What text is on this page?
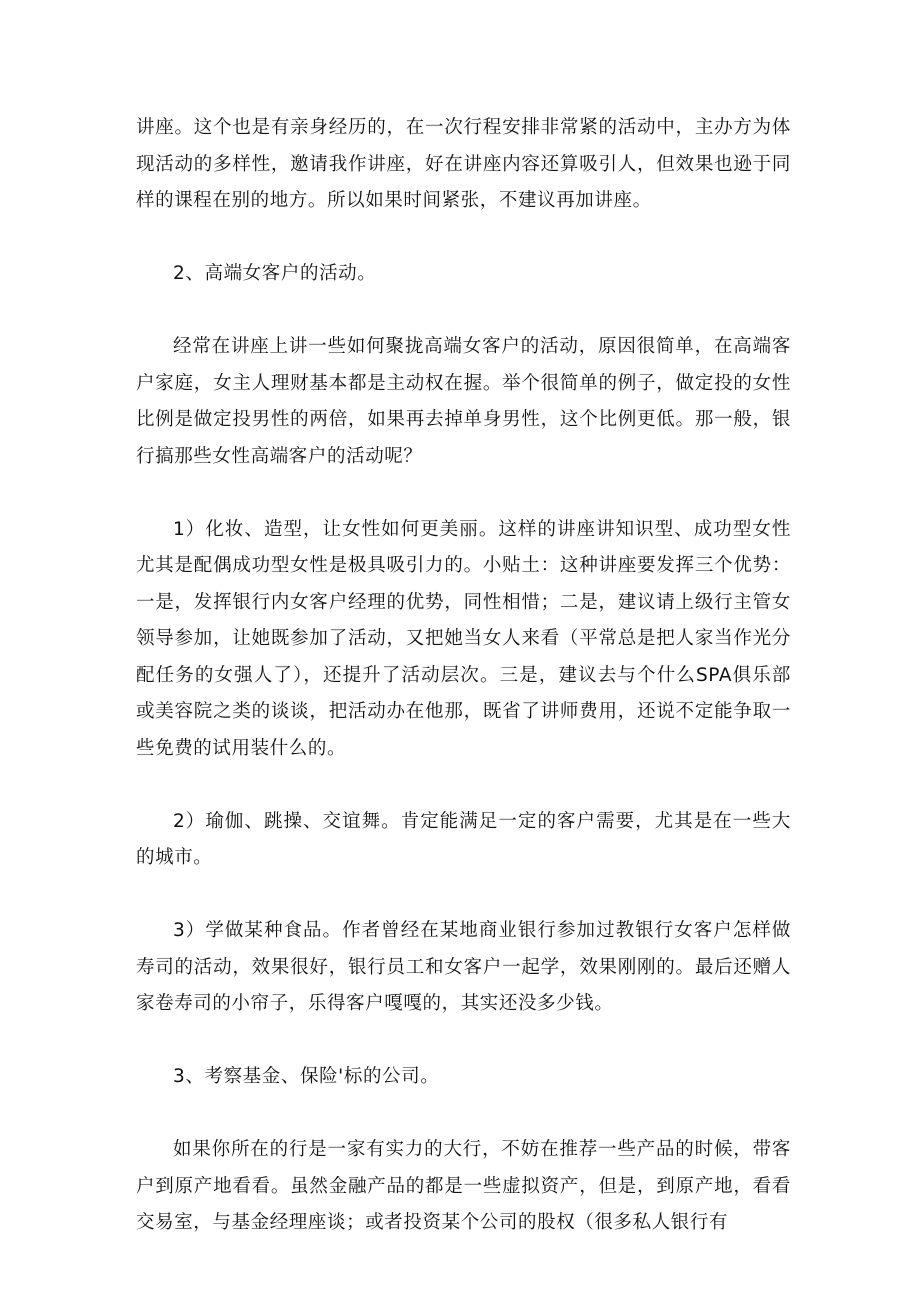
讲座。这个也是有亲身经历的，在一次行程安排非常紧的活动中，主办方为体现活动的多样性，邀请我作讲座，好在讲座内容还算吸引人，但效果也逊于同样的课程在别的地方。所以如果时间紧张，不建议再加讲座。

2、高端女客户的活动。

经常在讲座上讲一些如何聚拢高端女客户的活动，原因很简单，在高端客户家庭，女主人理财基本都是主动权在握。举个很简单的例子，做定投的女性比例是做定投男性的两倍，如果再去掉单身男性，这个比例更低。那一般，银行搞那些女性高端客户的活动呢？

1）化妆、造型，让女性如何更美丽。这样的讲座讲知识型、成功型女性尤其是配偶成功型女性是极具吸引力的。小贴土：这种讲座要发挥三个优势：一是，发挥银行内女客户经理的优势，同性相惜；二是，建议请上级行主管女领导参加，让她既参加了活动，又把她当女人来看（平常总是把人家当作光分配任务的女强人了），还提升了活动层次。三是，建议去与个什么SPA俱乐部或美容院之类的谈谈，把活动办在他那，既省了讲师费用，还说不定能争取一些免费的试用装什么的。

2）瑜伽、跳操、交谊舞。肯定能满足一定的客户需要，尤其是在一些大的城市。

3）学做某种食品。作者曾经在某地商业银行参加过教银行女客户怎样做寿司的活动，效果很好，银行员工和女客户一起学，效果刚刚的。最后还赠人家卷寿司的小帘子，乐得客户嘎嘎的，其实还没多少钱。

3、考察基金、保险'标的公司。

如果你所在的行是一家有实力的大行，不妨在推荐一些产品的时候，带客户到原产地看看。虽然金融产品的都是一些虚拟资产，但是，到原产地，看看交易室，与基金经理座谈；或者投资某个公司的股权（很多私人银行有
